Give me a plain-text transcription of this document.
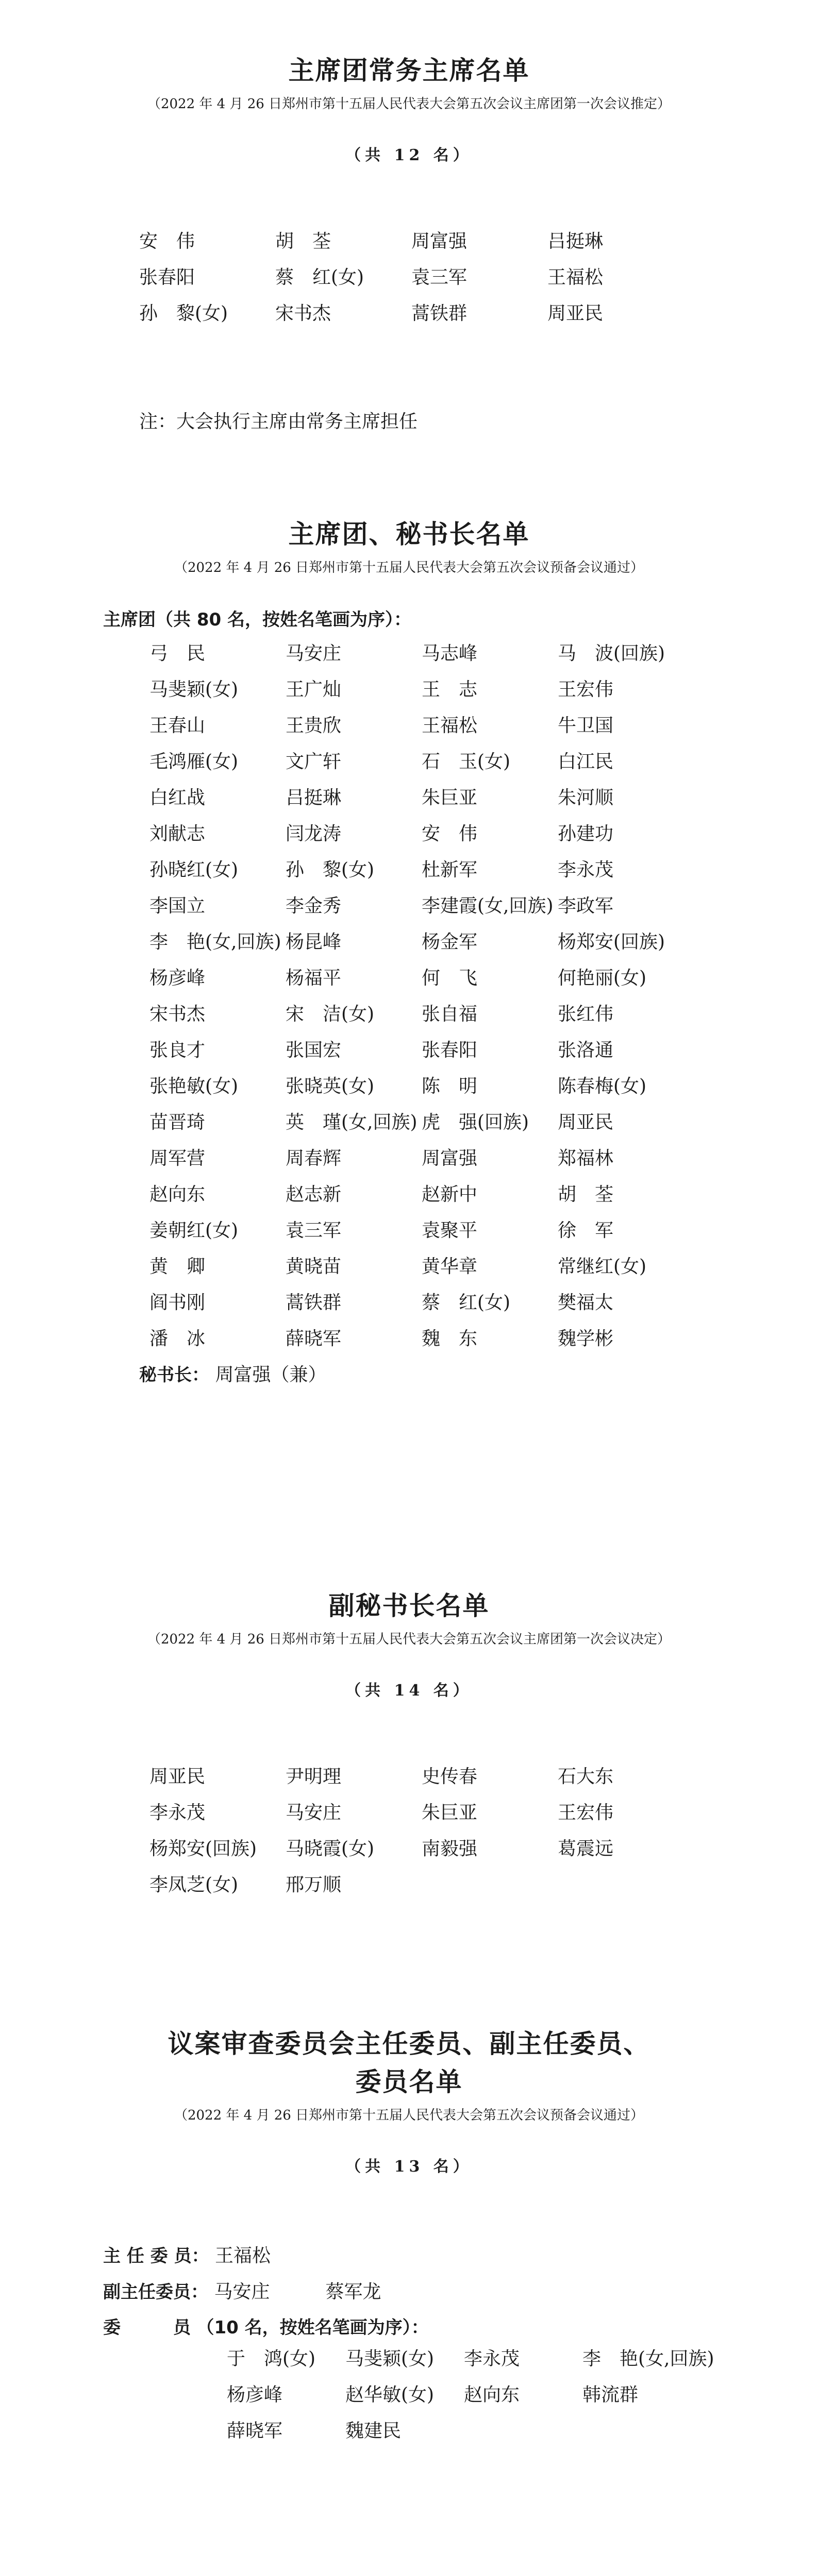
主席团常务主席名单
（2022 年 4 月 26 日郑州市第十五届人民代表大会第五次会议主席团第一次会议推定）
（共 12 名）
安　伟	胡　荃	周富强	吕挺琳
张春阳	蔡　红(女)	袁三军	王福松
孙　黎(女)	宋书杰	蒿铁群	周亚民
注：大会执行主席由常务主席担任
主席团、秘书长名单
（2022 年 4 月 26 日郑州市第十五届人民代表大会第五次会议预备会议通过）
主席团（共 80 名，按姓名笔画为序）：
弓　民	马安庄	马志峰	马　波(回族)
马斐颖(女)	王广灿	王　志	王宏伟
王春山	王贵欣	王福松	牛卫国
毛鸿雁(女)	文广轩	石　玉(女)	白江民
白红战	吕挺琳	朱巨亚	朱河顺
刘献志	闫龙涛	安　伟	孙建功
孙晓红(女)	孙　黎(女)	杜新军	李永茂
李国立	李金秀	李建霞(女,回族) 李政军
李　艳(女,回族) 杨昆峰	杨金军	杨郑安(回族)
杨彦峰	杨福平	何　飞	何艳丽(女)
宋书杰	宋　洁(女)	张自福	张红伟
张良才	张国宏	张春阳	张洛通
张艳敏(女)	张晓英(女)	陈　明	陈春梅(女)
苗晋琦	英　瑾(女,回族) 虎　强(回族)	周亚民
周军营	周春辉	周富强	郑福林
赵向东	赵志新	赵新中	胡　荃
姜朝红(女)	袁三军	袁聚平	徐　军
黄　卿	黄晓苗	黄华章	常继红(女)
阎书刚	蒿铁群	蔡　红(女)	樊福太
潘　冰	薛晓军	魏　东	魏学彬
秘书长： 周富强（兼）
副秘书长名单
（2022 年 4 月 26 日郑州市第十五届人民代表大会第五次会议主席团第一次会议决定）
（共 14 名）
周亚民	尹明理	史传春	石大东
李永茂	马安庄	朱巨亚	王宏伟
杨郑安(回族)	马晓霞(女)	南毅强	葛震远
李凤芝(女)	邢万顺
议案审查委员会主任委员、副主任委员、
委员名单
（2022 年 4 月 26 日郑州市第十五届人民代表大会第五次会议预备会议通过）
（共 13 名）
主 任 委 员： 王福松
副主任委员： 马安庄　　　蔡军龙
委　　　员 （10 名，按姓名笔画为序）：
于　鸿(女)	马斐颖(女)	李永茂	李　艳(女,回族)
杨彦峰	赵华敏(女)	赵向东	韩流群
薛晓军	魏建民
